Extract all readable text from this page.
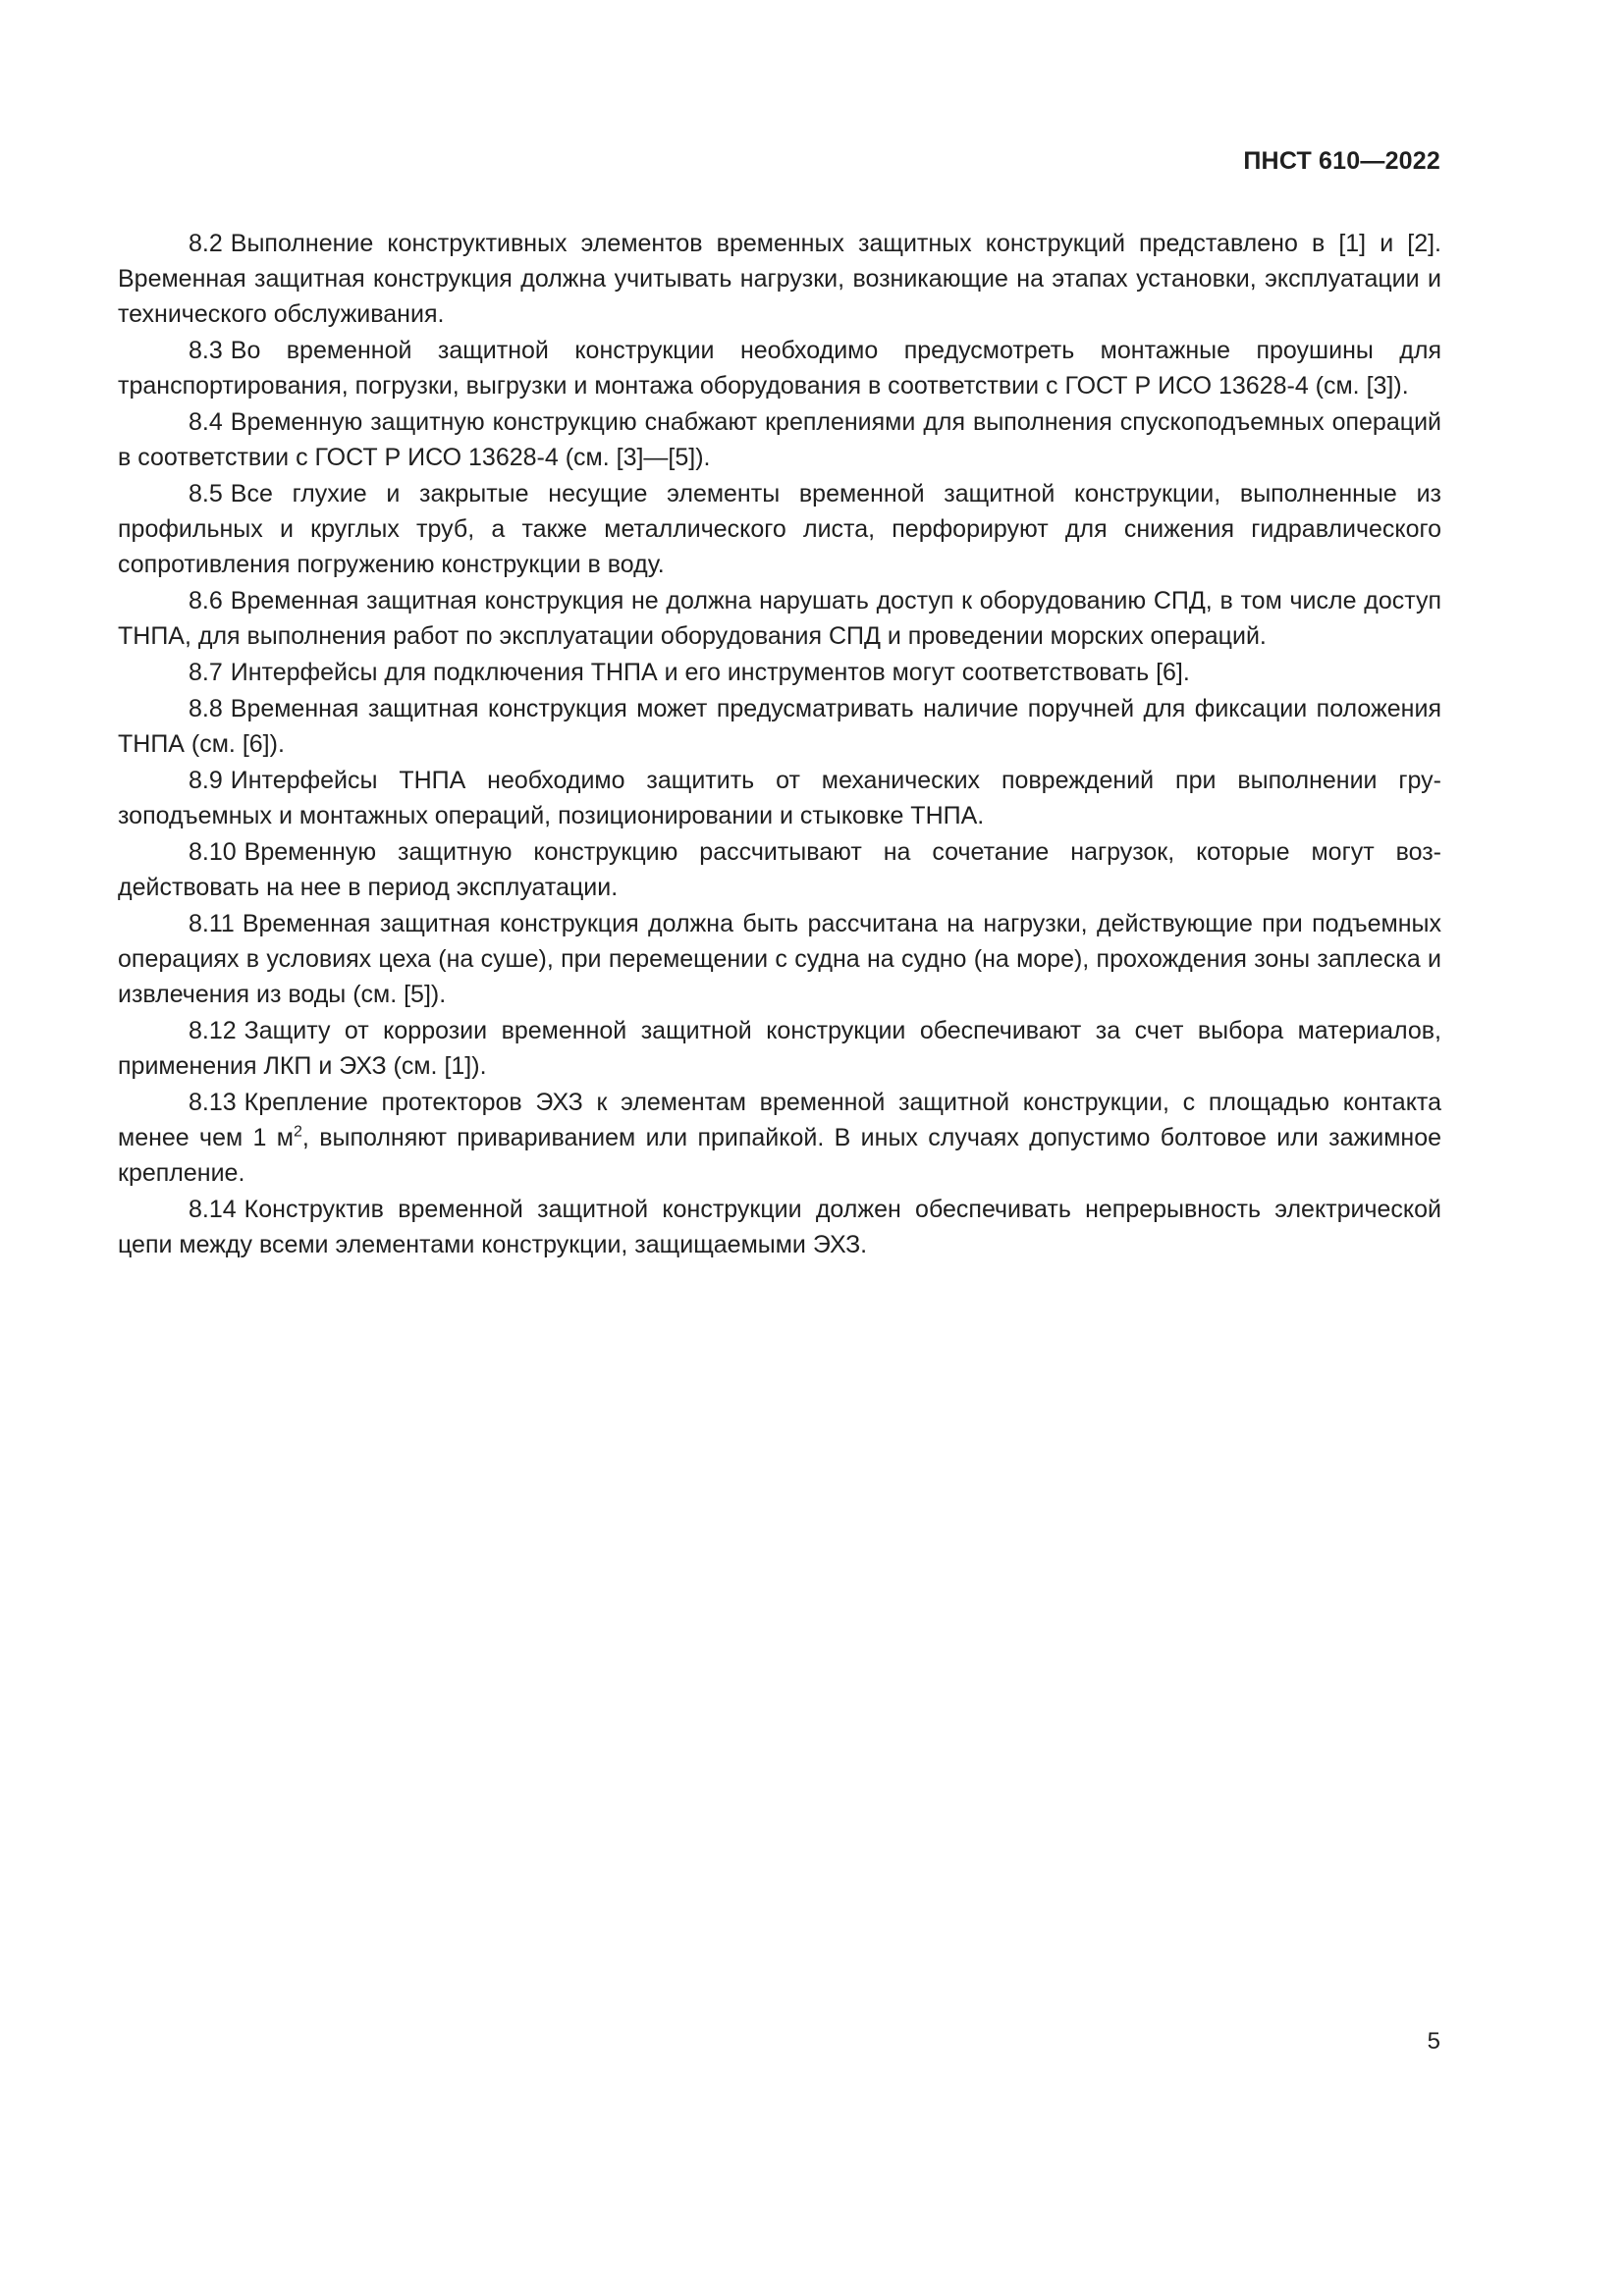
ПНСТ 610—2022

8.2 Выполнение конструктивных элементов временных защитных конструкций представлено в [1] и [2]. Временная защитная конструкция должна учитывать нагрузки, возникающие на этапах установки, эксплуатации и технического обслуживания.

8.3 Во временной защитной конструкции необходимо предусмотреть монтажные проушины для транспортирования, погрузки, выгрузки и монтажа оборудования в соответствии с ГОСТ Р ИСО 13628-4 (см. [3]).

8.4 Временную защитную конструкцию снабжают креплениями для выполнения спускоподъемных операций в соответствии с ГОСТ Р ИСО 13628-4 (см. [3]—[5]).

8.5 Все глухие и закрытые несущие элементы временной защитной конструкции, выполненные из профильных и круглых труб, а также металлического листа, перфорируют для снижения гидравлического сопротивления погружению конструкции в воду.

8.6 Временная защитная конструкция не должна нарушать доступ к оборудованию СПД, в том числе доступ ТНПА, для выполнения работ по эксплуатации оборудования СПД и проведении морских операций.

8.7 Интерфейсы для подключения ТНПА и его инструментов могут соответствовать [6].

8.8 Временная защитная конструкция может предусматривать наличие поручней для фиксации положения ТНПА (см. [6]).

8.9 Интерфейсы ТНПА необходимо защитить от механических повреждений при выполнении грузоподъемных и монтажных операций, позиционировании и стыковке ТНПА.

8.10 Временную защитную конструкцию рассчитывают на сочетание нагрузок, которые могут воздействовать на нее в период эксплуатации.

8.11 Временная защитная конструкция должна быть рассчитана на нагрузки, действующие при подъемных операциях в условиях цеха (на суше), при перемещении с судна на судно (на море), прохождения зоны заплеска и извлечения из воды (см. [5]).

8.12 Защиту от коррозии временной защитной конструкции обеспечивают за счет выбора материалов, применения ЛКП и ЭХЗ (см. [1]).

8.13 Крепление протекторов ЭХЗ к элементам временной защитной конструкции, с площадью контакта менее чем 1 $м^2$, выполняют привариванием или припайкой. В иных случаях допустимо болтовое или зажимное крепление.

8.14 Конструктив временной защитной конструкции должен обеспечивать непрерывность электрической цепи между всеми элементами конструкции, защищаемыми ЭХЗ.

5
